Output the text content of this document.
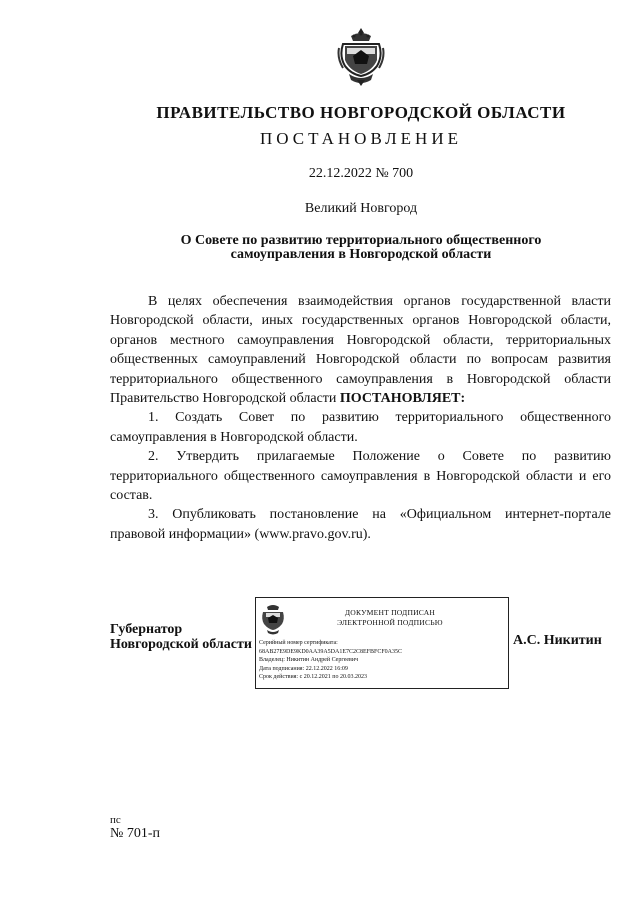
ПРАВИТЕЛЬСТВО НОВГОРОДСКОЙ ОБЛАСТИ
ПОСТАНОВЛЕНИЕ
22.12.2022 № 700
Великий Новгород
О Совете по развитию территориального общественного
самоуправления в Новгородской области

В целях обеспечения взаимодействия органов государственной власти Новгородской области, иных государственных органов Новгородской области, органов местного самоуправления Новгородской области, территориальных общественных самоуправлений Новгородской области по вопросам развития территориального общественного самоуправления в Новгородской области Правительство Новгородской области ПОСТАНОВЛЯЕТ:

1. Создать Совет по развитию территориального общественного самоуправления в Новгородской области.

2. Утвердить прилагаемые Положение о Совете по развитию территориального общественного самоуправления в Новгородской области и его состав.

3. Опубликовать постановление на «Официальном интернет-портале правовой информации» (www.pravo.gov.ru).

Губернатор
Новгородской области
ДОКУМЕНТ ПОДПИСАН
ЭЛЕКТРОННОЙ ПОДПИСЬЮ
Серийный номер сертификата:
68AB27E9DE9KD0AA39A5DA1E7C2C8EFBFCF0A35C
Владелец: Никитин Андрей Сергеевич
Дата подписания: 22.12.2022 16:09
Срок действия: с 20.12.2021 по 20.03.2023
А.С. Никитин
пс
№ 701-п
